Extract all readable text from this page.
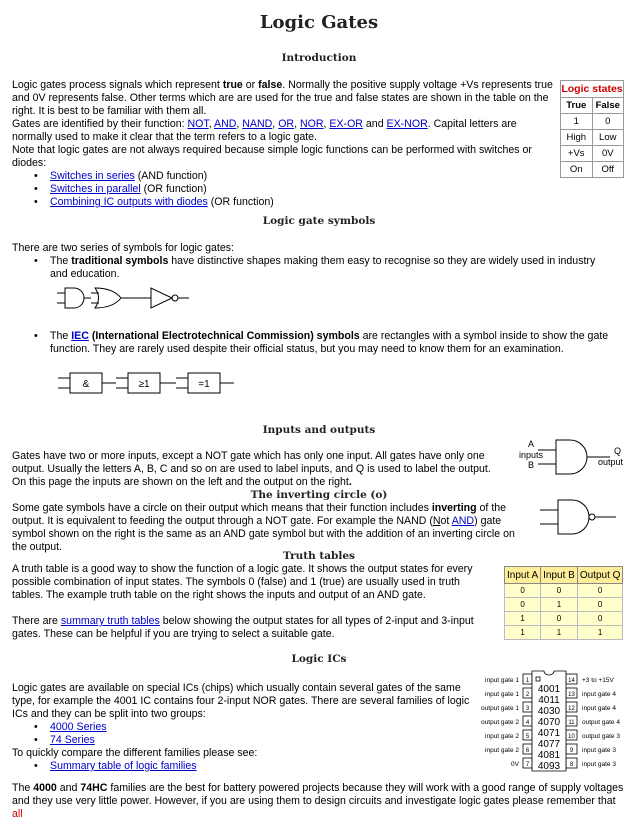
Logic Gates
Introduction

Logic gates process signals which represent true or false. Normally the positive supply voltage +Vs represents true and 0V represents false. Other terms which are are used for the true and false states are shown in the table on the right. It is best to be familiar with them all.

Gates are identified by their function: NOT, AND, NAND, OR, NOR, EX-OR and EX-NOR. Capital letters are normally used to make it clear that the term refers to a logic gate.

Note that logic gates are not always required because simple logic functions can be performed with switches or diodes:

• Switches in series (AND function)
• Switches in parallel (OR function)
• Combining IC outputs with diodes (OR function)
Logic states	
True	False
1	0
High	Low
+Vs	0V
On	Off
Logic gate symbols

There are two series of symbols for logic gates:

• The traditional symbols have distinctive shapes making them easy to recognise so they are widely used in industry and education.
• The IEC (International Electrotechnical Commission) symbols are rectangles with a symbol inside to show the gate function. They are rarely used despite their official status, but you may need to know them for an examination.
&	≥1	=1
Inputs and outputs

Gates have two or more inputs, except a NOT gate which has only one input. All gates have only one output. Usually the letters A, B, C and so on are used to label inputs, and Q is used to label the output.

On this page the inputs are shown on the left and the output on the right.

A
inputs
B
Q
output
The inverting circle (o)

Some gate symbols have a circle on their output which means that their function includes inverting of the output. It is equivalent to feeding the output through a NOT gate. For example the NAND (Not AND) gate symbol shown on the right is the same as an AND gate symbol but with the addition of an inverting circle on the output.

Truth tables

A truth table is a good way to show the function of a logic gate. It shows the output states for every possible combination of input states. The symbols 0 (false) and 1 (true) are usually used in truth tables. The example truth table on the right shows the inputs and output of an AND gate.

There are summary truth tables below showing the output states for all types of 2-input and 3-input gates. These can be helpful if you are trying to select a suitable gate.

Input A	Input B	Output Q
0	0	0
0	1	0
1	0	0
1	1	1
Logic ICs

Logic gates are available on special ICs (chips) which usually contain several gates of the same type, for example the 4001 IC contains four 2-input NOR gates. There are several families of logic ICs and they can be split into two groups:

• 4000 Series
• 74 Series

To quickly compare the different families please see:

• Summary table of logic families
input gate 1
input gate 1
output gate 1
output gate 2
input gate 2
input gate 2
0V
+3 to +15V
input gate 4
input gate 4
output gate 4
output gate 3
input gate 3
input gate 3
1
2
3
4
5
6
7
14
13
12
11
10
9
8
4001
4011
4030
4070
4071
4077
4081
4093

The 4000 and 74HC families are the best for battery powered projects because they will work with a good range of supply voltages and they use very little power. However, if you are using them to design circuits and investigate logic gates please remember that all
